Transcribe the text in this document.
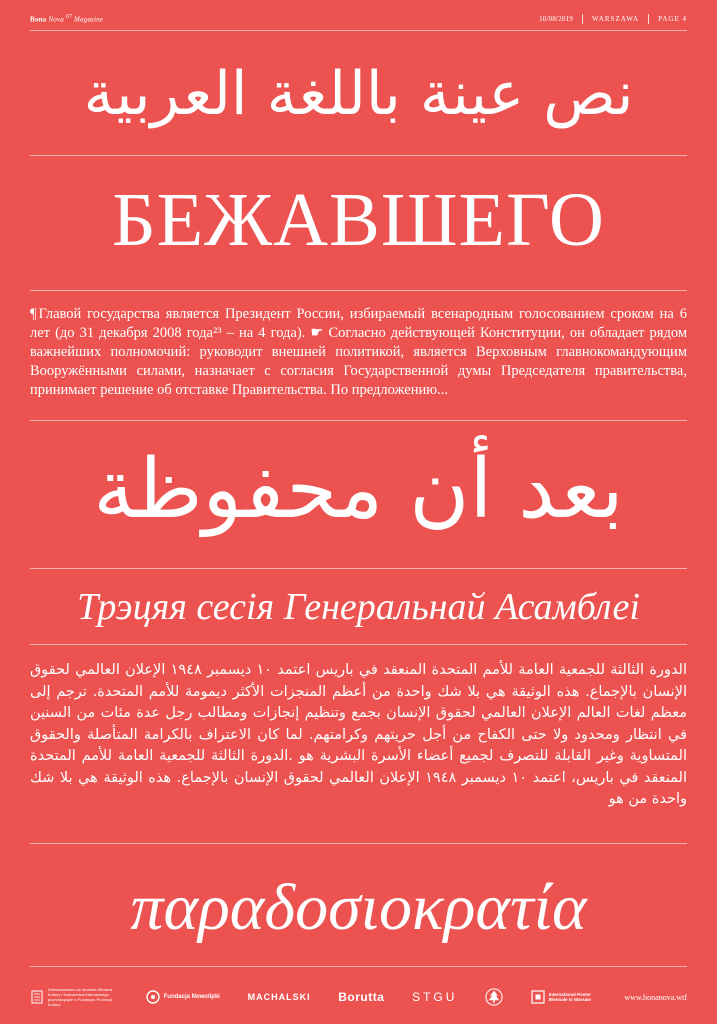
Bona Nova $^{07}$ Magazine	10/08/2019	WARSZAWA	PAGE 4
نص عينة باللغة العربية
БЕЖАВШЕГО
¶ Главой государства является Президент России, избираемый всенародным голосованием сроком на 6 лет (до 31 декабря 2008 года²³ – на 4 года). ☛ Согласно действующей Конституции, он обладает рядом важнейших полномочий: руководит внешней политикой, является Верховным главнокомандующим Вооружёнными силами, назначает с согласия Государственной думы Председателя правительства, принимает решение об отставке Правительства. По предложению...
بعد أن محفوظة
Трэцяя сесія Генеральнай Асамблеі
الدورة الثالثة للجمعية العامة للأمم المتحدة المنعقد في باريس اعتمد ١٠ ديسمبر ١٩٤٨ الإعلان العالمي لحقوق الإنسان بالإجماع. هذه الوثيقة هي بلا شك واحدة من أعظم المنجزات الأكثر ديمومة للأمم المتحدة. ترجم إلى معظم لغات العالم الإعلان العالمي لحقوق الإنسان بجمع وتنظيم إنجازات ومطالب رجل عدة مئات من السنين في انتظار ومحدود ولا حتى الكفاح من أجل حريتهم وكرامتهم. لما كان الاعتراف بالكرامة المتأصلة والحقوق المتساوية وغير القابلة للتصرف لجميع أعضاء الأسرة البشرية هو .الدورة الثالثة للجمعية العامة للأمم المتحدة المنعقد في باريس، اعتمد ١٠ ديسمبر ١٩٤٨ الإعلان العالمي لحقوق الإنسان بالإجماع. هذه الوثيقة هي بلا شك واحدة من هو
παραδοσιοκρατία
Dofinansowano ze środków Ministra Kultury i Dziedzictwa Narodowego pochodzących z Funduszu Promocji Kultury
Fundacja Nowolipki	MACHALSKI Borutta STGU	International Poster Biennale in Warsaw	www.bonanova.wtf
